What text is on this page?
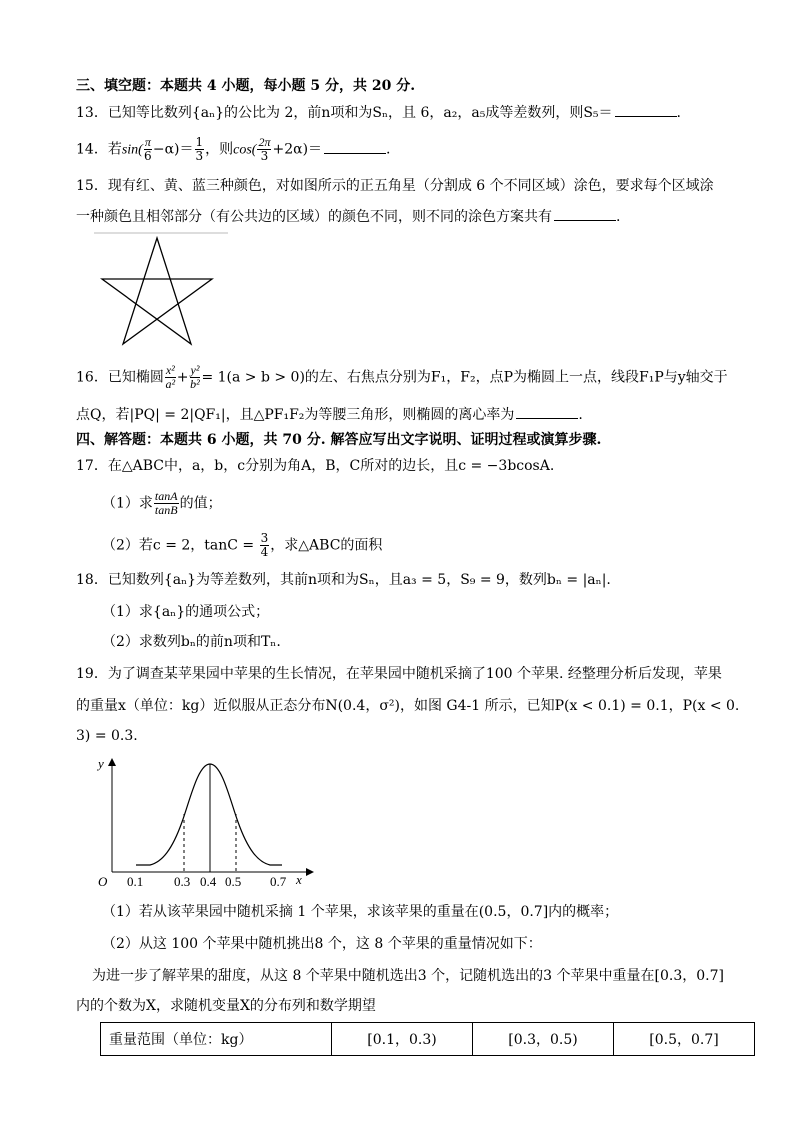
三、填空题：本题共 4 小题，每小题 5 分，共 20 分.
13．已知等比数列{aₙ}的公比为 2，前n项和为Sₙ，且 6，a₂，a₅成等差数列，则S₅＝	.
14．若$\sin( \frac{\pi}{6} -\alpha)= \frac{1}{3}$ ，则$\cos( \frac{2\pi}{3} +2\alpha)=$	.
15．现有红、黄、蓝三种颜色，对如图所示的正五角星（分割成 6 个不同区域）涂色，要求每个区域涂
一种颜色且相邻部分（有公共边的区域）的颜色不同，则不同的涂色方案共有	.
16．已知椭圆 $\frac{\text{x²}}{\text{a²}} + \frac{\text{y²}}{\text{b²}} = 1(a > b > 0)$的左、右焦点分别为F₁，F₂，点P为椭圆上一点，线段F₁P与y轴交于
点Q，若|PQ| = 2|QF₁|，且△PF₁F₂为等腰三角形，则椭圆的离心率为	.
四、解答题：本题共 6 小题，共 70 分. 解答应写出文字说明、证明过程或演算步骤.
17．在△ABC中，a，b，c分别为角A，B，C所对的边长，且c = −3bcosA.
（1）求 $\frac{\tan A}{\tan B}$ 的值；
（2）若c = 2，$\tan C = \frac{3}{4}$ ，求△ABC的面积
18．已知数列{aₙ}为等差数列，其前n项和为Sₙ，且a₃ = 5，S₉ = 9，数列bₙ = |aₙ|.
（1）求{aₙ}的通项公式；
（2）求数列bₙ的前n项和Tₙ.
19．为了调查某苹果园中苹果的生长情况，在苹果园中随机采摘了100 个苹果. 经整理分析后发现，苹果
的重量x（单位：kg）近似服从正态分布N(0.4，σ²)，如图 G4-1 所示，已知P(x < 0.1) = 0.1，P(x < 0.
3) = 0.3.
y
x
O 0.1 0.3 0.4 0.5 0.7
（1）若从该苹果园中随机采摘 1 个苹果，求该苹果的重量在(0.5，0.7]内的概率；
（2）从这 100 个苹果中随机挑出8 个，这 8 个苹果的重量情况如下：
为进一步了解苹果的甜度，从这 8 个苹果中随机选出3 个，记随机选出的3 个苹果中重量在[0.3，0.7]
内的个数为X，求随机变量X的分布列和数学期望
重量范围（单位：kg）	[0.1，0.3)	[0.3，0.5)	[0.5，0.7]
